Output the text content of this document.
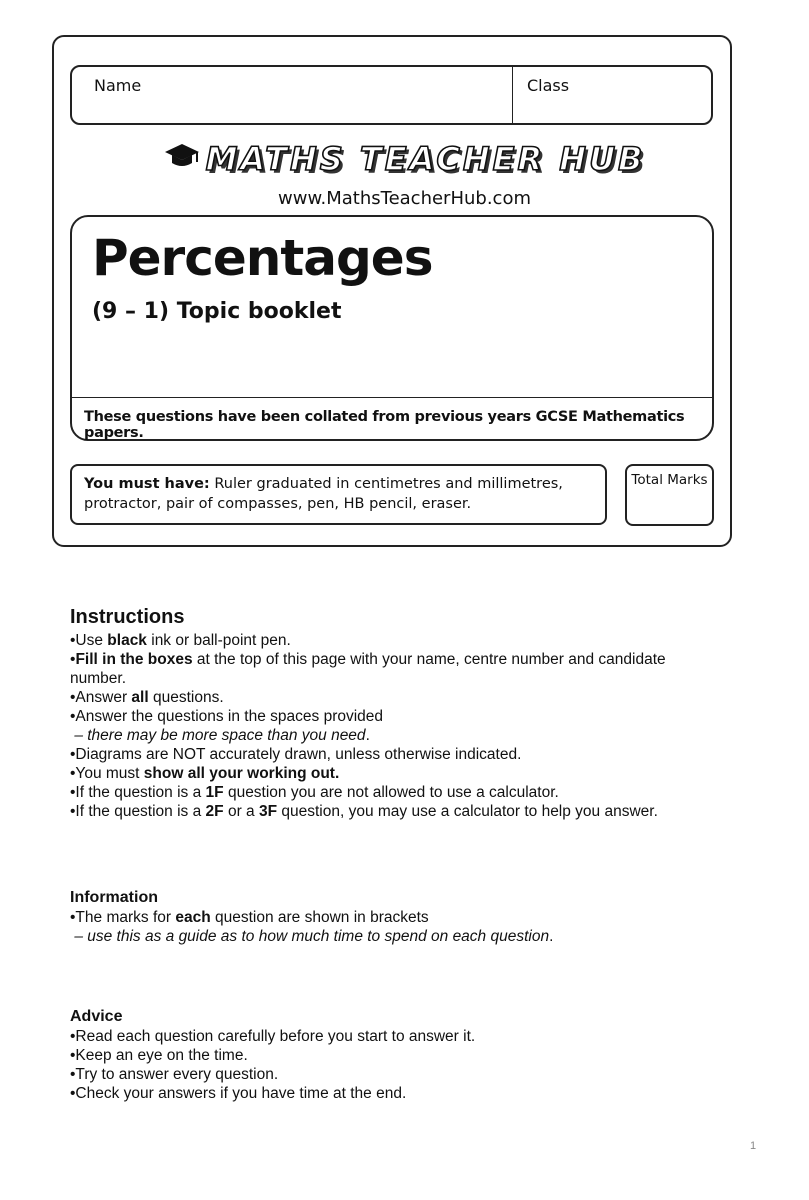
Name	Class
MATHS TEACHER HUB
www.MathsTeacherHub.com
Percentages
(9 – 1) Topic booklet
These questions have been collated from previous years GCSE Mathematics papers.
You must have: Ruler graduated in centimetres and millimetres,
protractor, pair of compasses, pen, HB pencil, eraser.
Total Marks
Instructions
•Use black ink or ball-point pen.
•Fill in the boxes at the top of this page with your name, centre number and candidate number.
•Answer all questions.
•Answer the questions in the spaces provided
– there may be more space than you need.
•Diagrams are NOT accurately drawn, unless otherwise indicated.
•You must show all your working out.
•If the question is a 1F question you are not allowed to use a calculator.
•If the question is a 2F or a 3F question, you may use a calculator to help you answer.
Information
•The marks for each question are shown in brackets
– use this as a guide as to how much time to spend on each question.
Advice
•Read each question carefully before you start to answer it.
•Keep an eye on the time.
•Try to answer every question.
•Check your answers if you have time at the end.
1
